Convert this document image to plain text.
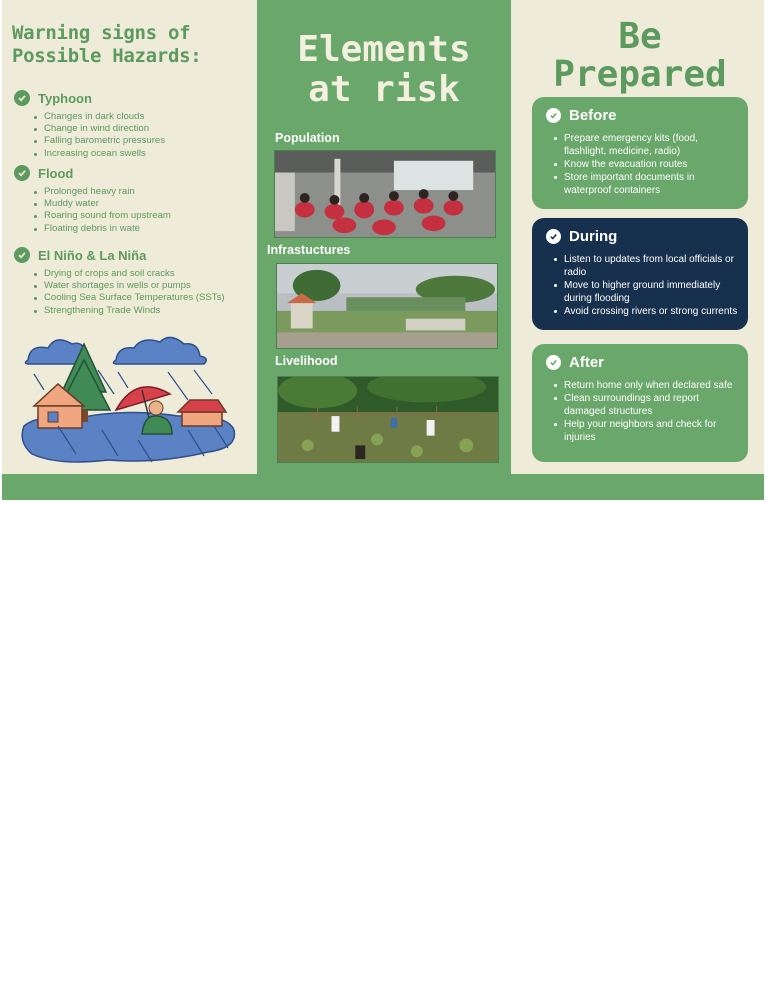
Warning signs of
Possible Hazards:
Typhoon
Changes in dark clouds
Change in wind direction
Falling barometric pressures
Increasing ocean swells
Flood
Prolonged heavy rain
Muddy water
Roaring sound from upstream
Floating debris in wate
El Niño & La Niña
Drying of crops and soil cracks
Water shortages in wells or pumps
Cooling Sea Surface Temperatures (SSTs)
Strengthening Trade Winds
Elements
at risk
Population
Infrastuctures
Livelihood
Be
Prepared
Before
Prepare emergency kits (food, flashlight, medicine, radio)
Know the evacuation routes
Store important documents in waterproof containers
During
Listen to updates from local officials or radio
Move to higher ground immediately during flooding
Avoid crossing rivers or strong currents
After
Return home only when declared safe
Clean surroundings and report damaged structures
Help your neighbors and check for injuries
